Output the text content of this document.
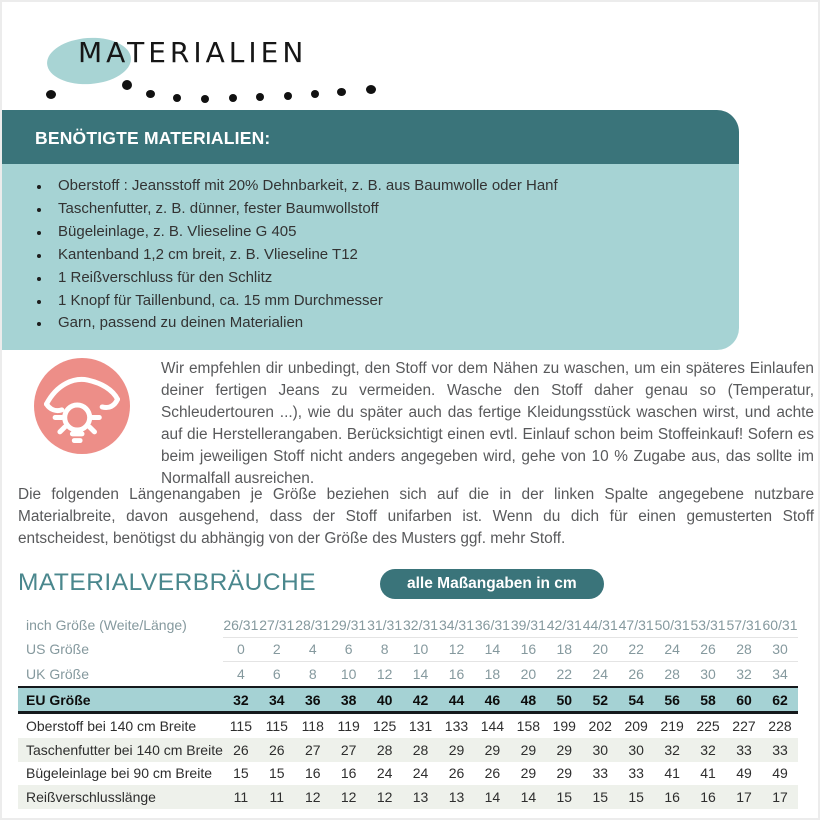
MATERIALIEN
BENÖTIGTE MATERIALIEN:
• Oberstoff : Jeansstoff mit 20% Dehnbarkeit, z. B. aus Baumwolle oder Hanf
• Taschenfutter, z. B. dünner, fester Baumwollstoff
• Bügeleinlage, z. B. Vlieseline G 405
• Kantenband 1,2 cm breit, z. B. Vlieseline T12
• 1 Reißverschluss für den Schlitz
• 1 Knopf für Taillenbund, ca. 15 mm Durchmesser
• Garn, passend zu deinen Materialien
Wir empfehlen dir unbedingt, den Stoff vor dem Nähen zu waschen, um ein späteres Einlaufen deiner fertigen Jeans zu vermeiden. Wasche den Stoff daher genau so (Temperatur, Schleudertouren ...), wie du später auch das fertige Kleidungsstück waschen wirst, und achte auf die Herstellerangaben. Berücksichtigt einen evtl. Einlauf schon beim Stoffeinkauf! Sofern es beim jeweiligen Stoff nicht anders angegeben wird, gehe von 10 % Zugabe aus, das sollte im Normalfall ausreichen.
Die folgenden Längenangaben je Größe beziehen sich auf die in der linken Spalte angegebene nutzbare Materialbreite, davon ausgehend, dass der Stoff unifarben ist. Wenn du dich für einen gemusterten Stoff entscheidest, benötigst du abhängig von der Größe des Musters ggf. mehr Stoff.
MATERIALVERBRÄUCHE	alle Maßangaben in cm
inch Größe (Weite/Länge)	26/31	27/31	28/31	29/31	31/31	32/31	34/31	36/31	39/31	42/31	44/31	47/31	50/31	53/31	57/31	60/31
US Größe	0	2	4	6	8	10	12	14	16	18	20	22	24	26	28	30
UK Größe	4	6	8	10	12	14	16	18	20	22	24	26	28	30	32	34
EU Größe	32	34	36	38	40	42	44	46	48	50	52	54	56	58	60	62
Oberstoff bei 140 cm Breite	115	115	118	119	125	131	133	144	158	199	202	209	219	225	227	228
Taschenfutter bei 140 cm Breite	26	26	27	27	28	28	29	29	29	29	30	30	32	32	33	33
Bügeleinlage bei 90 cm Breite	15	15	16	16	24	24	26	26	29	29	33	33	41	41	49	49
Reißverschlusslänge	11	11	12	12	12	13	13	14	14	15	15	15	16	16	17	17
